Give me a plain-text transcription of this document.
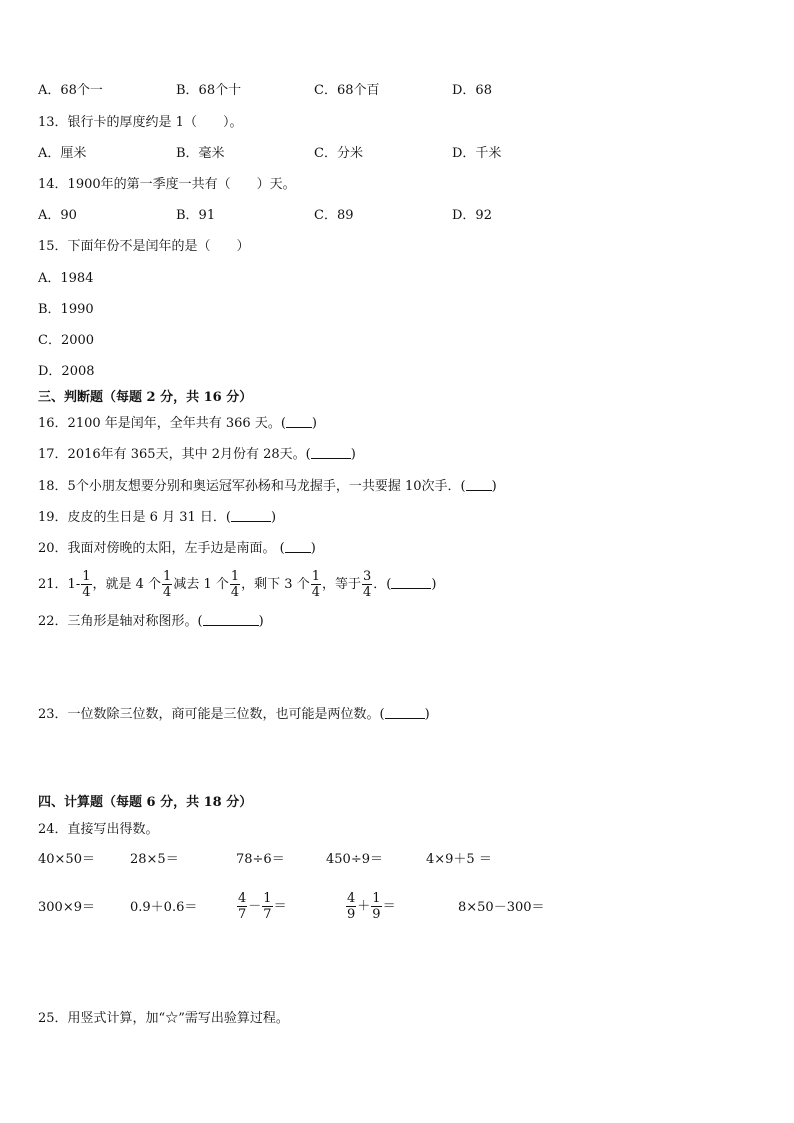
A．68个一	B．68个十	C．68个百	D．68
13．银行卡的厚度约是 1（　　）。
A．厘米	B．毫米	C．分米	D．千米
14．1900年的第一季度一共有（　　）天。
A．90	B．91	C．89	D．92
15．下面年份不是闰年的是（　　）
A．1984
B．1990
C．2000
D．2008
三、判断题（每题 2 分，共 16 分）
16．2100 年是闰年，全年共有 366 天。( )
17．2016年有 365天，其中 2月份有 28天。(	)
18．5个小朋友想要分别和奥运冠军孙杨和马龙握手，一共要握 10次手．( )
19．皮皮的生日是 6 月 31 日．(	)
20．我面对傍晚的太阳，左手边是南面。 ( )
21．$1- \frac{1}{4}$ ，就是 4 个 $\frac{1}{4}$ 减去 1 个 $\frac{1}{4}$ ，剩下 3 个 $\frac{1}{4}$ ，等于 $\frac{3}{4}$ ．(	)
22．三角形是轴对称图形。(	)
23．一位数除三位数，商可能是三位数，也可能是两位数。(	)
四、计算题（每题 6 分，共 18 分）
24．直接写出得数。
40×50＝	28×5＝	78÷6＝	450÷9＝	4×9＋5 ＝
300×9＝	0.9＋0.6＝	$\frac{4}{7} - \frac{1}{7}$ ＝	$\frac{4}{9} + \frac{1}{9}$ ＝	8×50－300＝
25．用竖式计算，加“☆”需写出验算过程。
